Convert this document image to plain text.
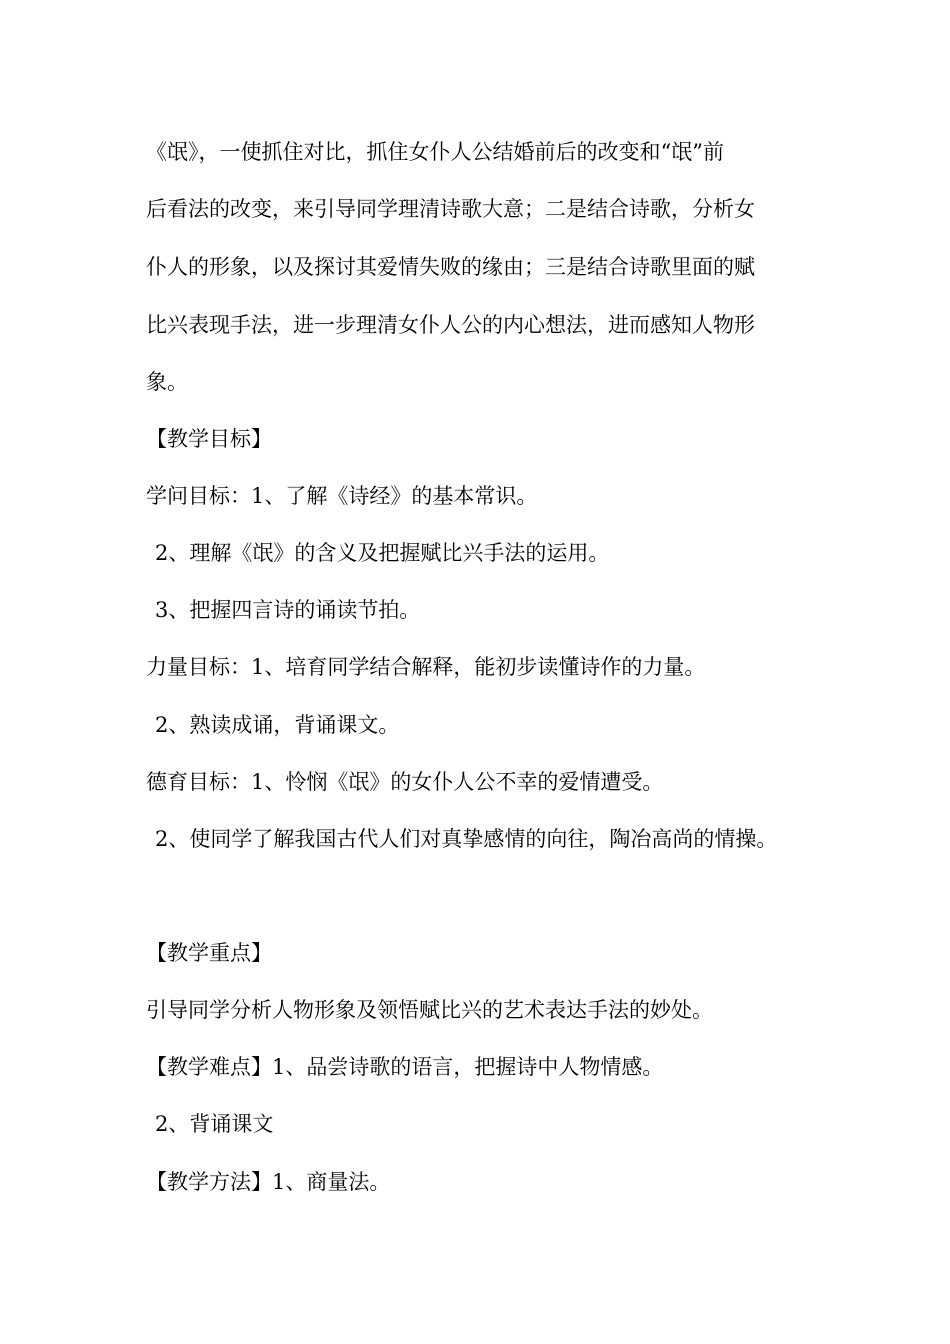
《氓》，一使抓住对比，抓住女仆人公结婚前后的改变和“氓”前
后看法的改变，来引导同学理清诗歌大意；二是结合诗歌，分析女
仆人的形象，以及探讨其爱情失败的缘由；三是结合诗歌里面的赋
比兴表现手法，进一步理清女仆人公的内心想法，进而感知人物形
象。
【教学目标】
学问目标：1、了解《诗经》的基本常识。
2、理解《氓》的含义及把握赋比兴手法的运用。
3、把握四言诗的诵读节拍。
力量目标：1、培育同学结合解释，能初步读懂诗作的力量。
2、熟读成诵，背诵课文。
德育目标：1、怜悯《氓》的女仆人公不幸的爱情遭受。
2、使同学了解我国古代人们对真挚感情的向往，陶冶高尚的情操。
【教学重点】
引导同学分析人物形象及领悟赋比兴的艺术表达手法的妙处。
【教学难点】1、品尝诗歌的语言，把握诗中人物情感。
2、背诵课文
【教学方法】1、商量法。
